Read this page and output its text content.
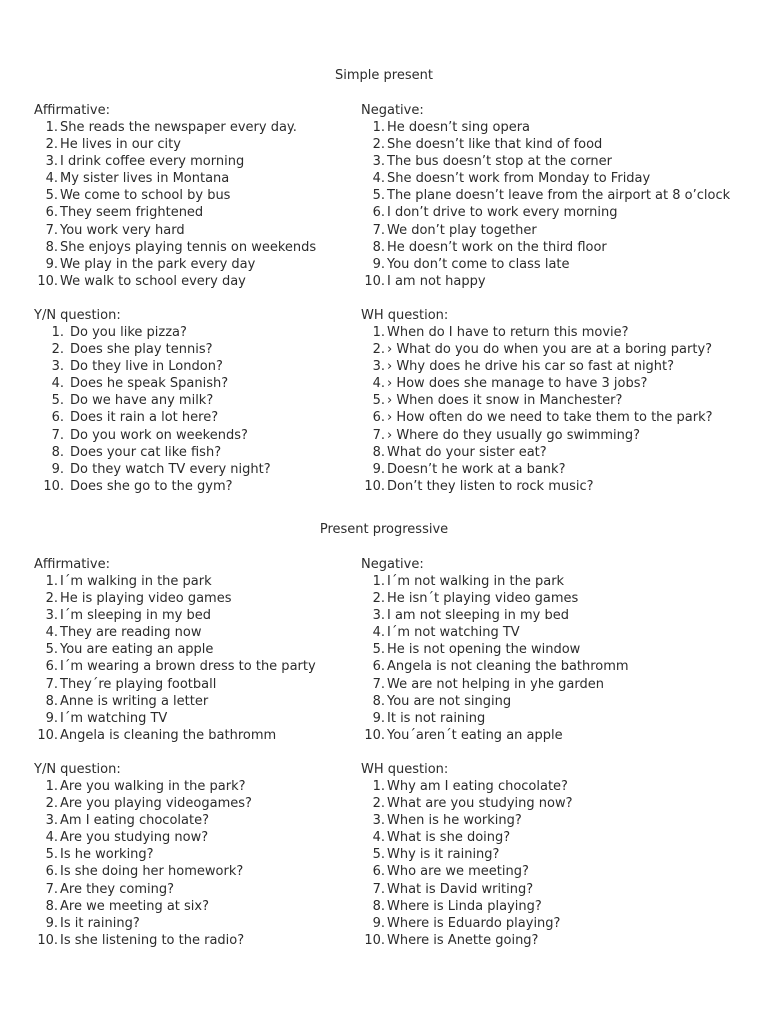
Simple present
Present progressive
Affirmative:
1. She reads the newspaper every day.
2. He lives in our city
3. I drink coffee every morning
4. My sister lives in Montana
5. We come to school by bus
6. They seem frightened
7. You work very hard
8. She enjoys playing tennis on weekends
9. We play in the park every day
10. We walk to school every day
Negative:
1. He doesn’t sing opera
2. She doesn’t like that kind of food
3. The bus doesn’t stop at the corner
4. She doesn’t work from Monday to Friday
5. The plane doesn’t leave from the airport at 8 o’clock
6. I don’t drive to work every morning
7. We don’t play together
8. He doesn’t work on the third floor
9. You don’t come to class late
10. I am not happy
Y/N question:
1. Do you like pizza?
2. Does she play tennis?
3. Do they live in London?
4. Does he speak Spanish?
5. Do we have any milk?
6. Does it rain a lot here?
7. Do you work on weekends?
8. Does your cat like fish?
9. Do they watch TV every night?
10. Does she go to the gym?
WH question:
1. When do I have to return this movie?
2. › What do you do when you are at a boring party?
3. › Why does he drive his car so fast at night?
4. › How does she manage to have 3 jobs?
5. › When does it snow in Manchester?
6. › How often do we need to take them to the park?
7. › Where do they usually go swimming?
8. What do your sister eat?
9. Doesn’t he work at a bank?
10. Don’t they listen to rock music?
Affirmative:
1. I´m walking in the park
2. He is playing video games
3. I´m sleeping in my bed
4. They are reading now
5. You are eating an apple
6. I´m wearing a brown dress to the party
7. They´re playing football
8. Anne is writing a letter
9. I´m watching TV
10. Angela is cleaning the bathromm
Negative:
1. I´m not walking in the park
2. He isn´t playing video games
3. I am not sleeping in my bed
4. I´m not watching TV
5. He is not opening the window
6. Angela is not cleaning the bathromm
7. We are not helping in yhe garden
8. You are not singing
9. It is not raining
10. You´aren´t eating an apple
Y/N question:
1. Are you walking in the park?
2. Are you playing videogames?
3. Am I eating chocolate?
4. Are you studying now?
5. Is he working?
6. Is she doing her homework?
7. Are they coming?
8. Are we meeting at six?
9. Is it raining?
10. Is she listening to the radio?
WH question:
1. Why am I eating chocolate?
2. What are you studying now?
3. When is he working?
4. What is she doing?
5. Why is it raining?
6. Who are we meeting?
7. What is David writing?
8. Where is Linda playing?
9. Where is Eduardo playing?
10. Where is Anette going?
